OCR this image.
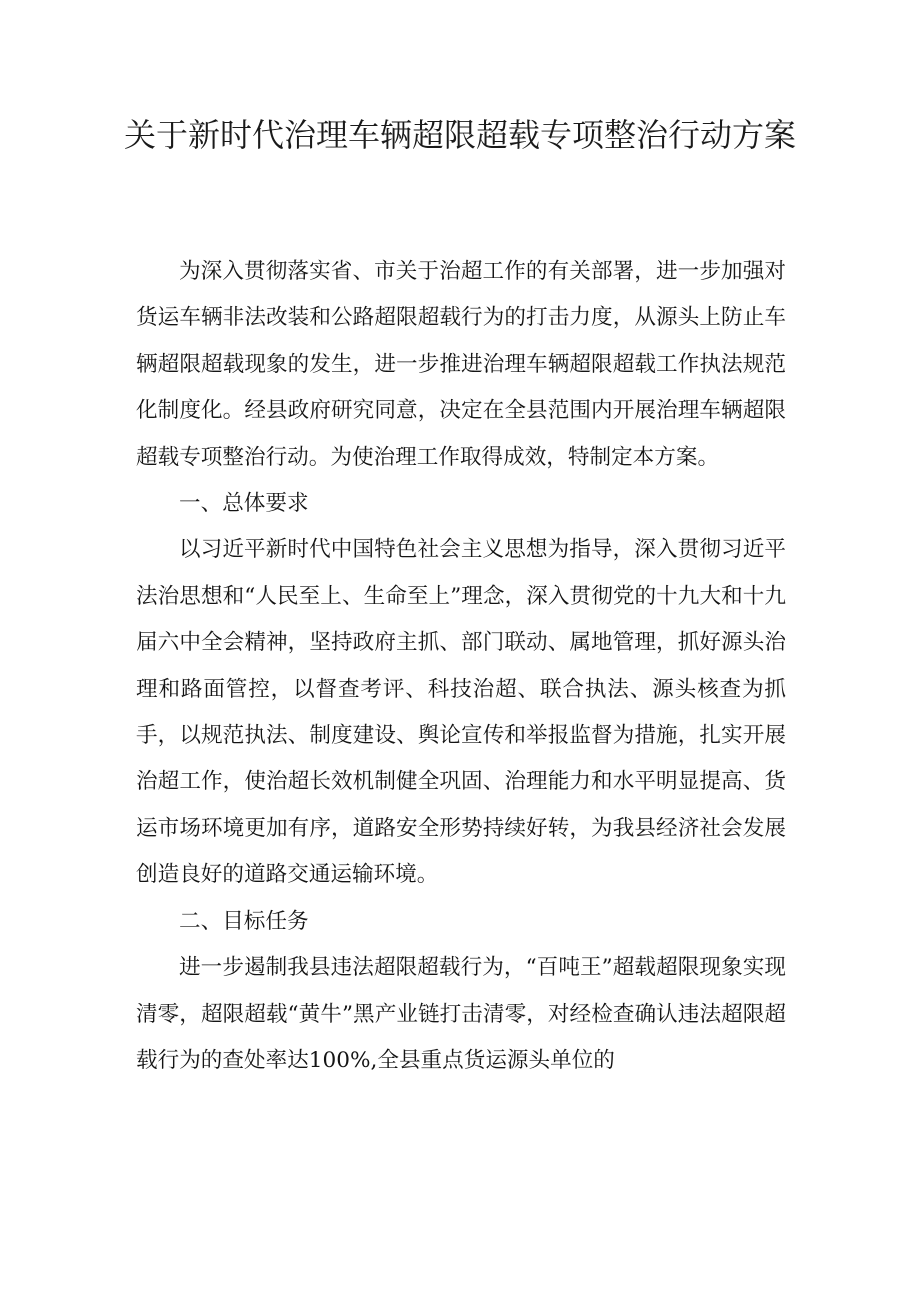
关于新时代治理车辆超限超载专项整治行动方案

为深入贯彻落实省、市关于治超工作的有关部署，进一步加强对货运车辆非法改装和公路超限超载行为的打击力度，从源头上防止车辆超限超载现象的发生，进一步推进治理车辆超限超载工作执法规范化制度化。经县政府研究同意，决定在全县范围内开展治理车辆超限超载专项整治行动。为使治理工作取得成效，特制定本方案。

一、总体要求

以习近平新时代中国特色社会主义思想为指导，深入贯彻习近平法治思想和“人民至上、生命至上”理念，深入贯彻党的十九大和十九届六中全会精神，坚持政府主抓、部门联动、属地管理，抓好源头治理和路面管控，以督查考评、科技治超、联合执法、源头核查为抓手，以规范执法、制度建设、舆论宣传和举报监督为措施，扎实开展治超工作，使治超长效机制健全巩固、治理能力和水平明显提高、货运市场环境更加有序，道路安全形势持续好转，为我县经济社会发展创造良好的道路交通运输环境。

二、目标任务

进一步遏制我县违法超限超载行为，“百吨王”超载超限现象实现清零，超限超载“黄牛”黑产业链打击清零，对经检查确认违法超限超载行为的查处率达100%,全县重点货运源头单位的
